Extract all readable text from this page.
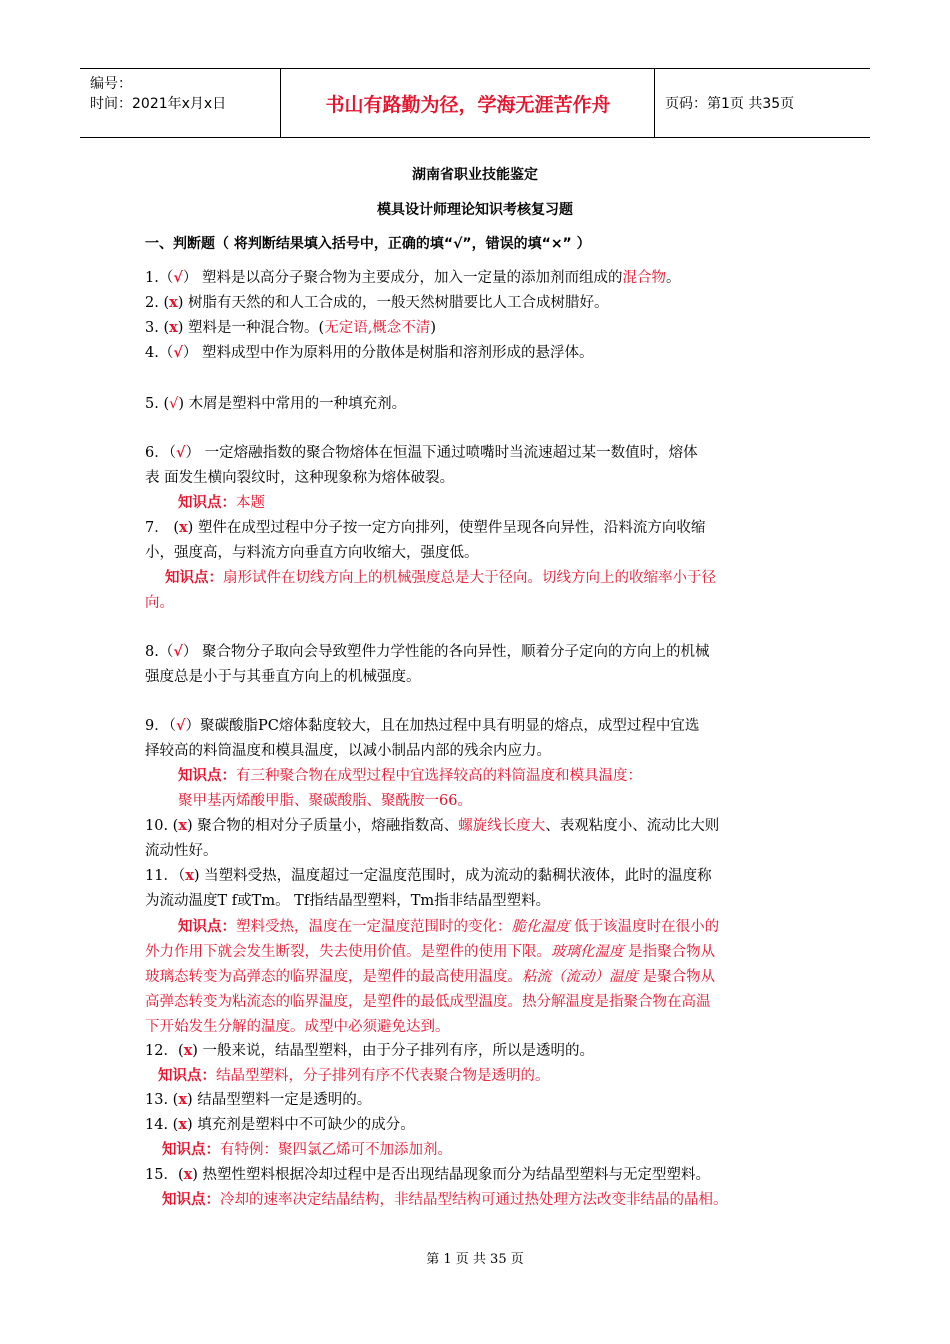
编号：
时间：2021年x月x日	书山有路勤为径，学海无涯苦作舟	页码：第1页 共35页
湖南省职业技能鉴定
模具设计师理论知识考核复习题
一、判断题（ 将判断结果填入括号中，正确的填“√”，错误的填“×” ）
1.（√） 塑料是以高分子聚合物为主要成分，加入一定量的添加剂而组成的混合物。
2. (x) 树脂有天然的和人工合成的，一般天然树腊要比人工合成树腊好。
3. (x) 塑料是一种混合物。(无定语,概念不清)
4.（√） 塑料成型中作为原料用的分散体是树脂和溶剂形成的悬浮体。
5. (√) 木屑是塑料中常用的一种填充剂。
6．（√） 一定熔融指数的聚合物熔体在恒温下通过喷嘴时当流速超过某一数值时，熔体
表 面发生横向裂纹时，这种现象称为熔体破裂。
知识点：本题
7． (x) 塑件在成型过程中分子按一定方向排列，使塑件呈现各向异性，沿料流方向收缩
小，强度高，与料流方向垂直方向收缩大，强度低。
知识点：扇形试件在切线方向上的机械强度总是大于径向。切线方向上的收缩率小于径
向。
8.（√） 聚合物分子取向会导致塑件力学性能的各向异性，顺着分子定向的方向上的机械
强度总是小于与其垂直方向上的机械强度。
9．（√）聚碳酸脂PC熔体黏度较大，且在加热过程中具有明显的熔点，成型过程中宜选
择较高的料筒温度和模具温度，以减小制品内部的残余内应力。
知识点：有三种聚合物在成型过程中宜选择较高的料筒温度和模具温度：
聚甲基丙烯酸甲脂、聚碳酸脂、聚酰胺一66。
10. (x) 聚合物的相对分子质量小，熔融指数高、螺旋线长度大、表观粘度小、流动比大则
流动性好。
11．（x) 当塑料受热，温度超过一定温度范围时，成为流动的黏稠状液体，此时的温度称
为流动温度T f或Tm。 Tf指结晶型塑料，Tm指非结晶型塑料。
知识点：塑料受热，温度在一定温度范围时的变化：脆化温度 低于该温度时在很小的
外力作用下就会发生断裂，失去使用价值。是塑件的使用下限。玻璃化温度 是指聚合物从
玻璃态转变为高弹态的临界温度，是塑件的最高使用温度。粘流（流动）温度 是聚合物从
高弹态转变为粘流态的临界温度，是塑件的最低成型温度。热分解温度是指聚合物在高温
下开始发生分解的温度。成型中必须避免达到。
12．(x) 一般来说，结晶型塑料，由于分子排列有序，所以是透明的。
知识点：结晶型塑料，分子排列有序不代表聚合物是透明的。
13. (x) 结晶型塑料一定是透明的。
14. (x) 填充剂是塑料中不可缺少的成分。
知识点：有特例：聚四氯乙烯可不加添加剂。
15．(x) 热塑性塑料根据冷却过程中是否出现结晶现象而分为结晶型塑料与无定型塑料。
知识点：冷却的速率决定结晶结构，非结晶型结构可通过热处理方法改变非结晶的晶相。
第 1 页 共 35 页
